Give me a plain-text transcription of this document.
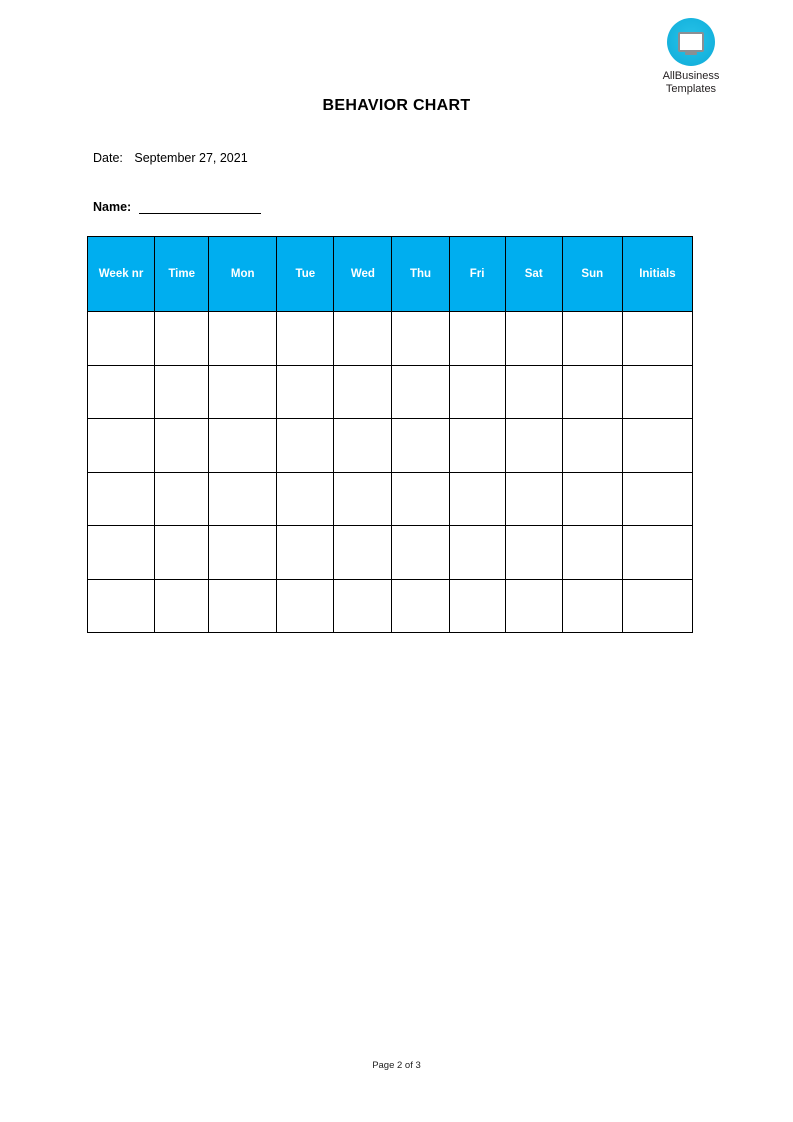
AllBusiness
Templates
BEHAVIOR CHART
Date: September 27, 2021
Name:
Week nr	Time	Mon	Tue	Wed	Thu	Fri	Sat	Sun	Initials

Page 2 of 3
